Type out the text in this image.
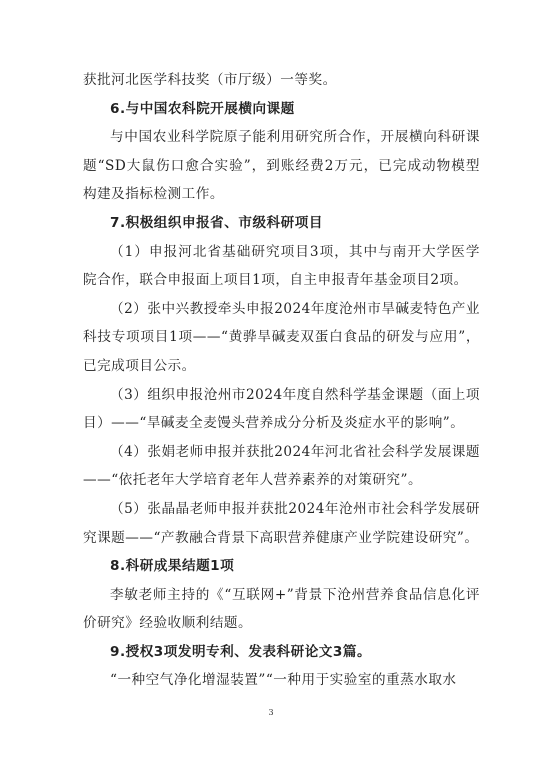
获批河北医学科技奖（市厅级）一等奖。

6.与中国农科院开展横向课题

与中国农业科学院原子能利用研究所合作，开展横向科研课题“SD大鼠伤口愈合实验”，到账经费2万元，已完成动物模型构建及指标检测工作。

7.积极组织申报省、市级科研项目

（1）申报河北省基础研究项目3项，其中与南开大学医学院合作，联合申报面上项目1项，自主申报青年基金项目2项。

（2）张中兴教授牵头申报2024年度沧州市旱碱麦特色产业科技专项项目1项——“黄骅旱碱麦双蛋白食品的研发与应用”，已完成项目公示。

（3）组织申报沧州市2024年度自然科学基金课题（面上项目）——“旱碱麦全麦馒头营养成分分析及炎症水平的影响”。

（4）张娟老师申报并获批2024年河北省社会科学发展课题——“依托老年大学培育老年人营养素养的对策研究”。

（5）张晶晶老师申报并获批2024年沧州市社会科学发展研究课题——“产教融合背景下高职营养健康产业学院建设研究”。

8.科研成果结题1项

李敏老师主持的《“互联网+”背景下沧州营养食品信息化评价研究》经验收顺利结题。

9.授权3项发明专利、发表科研论文3篇。

“一种空气净化增湿装置”“一种用于实验室的重蒸水取水

3
